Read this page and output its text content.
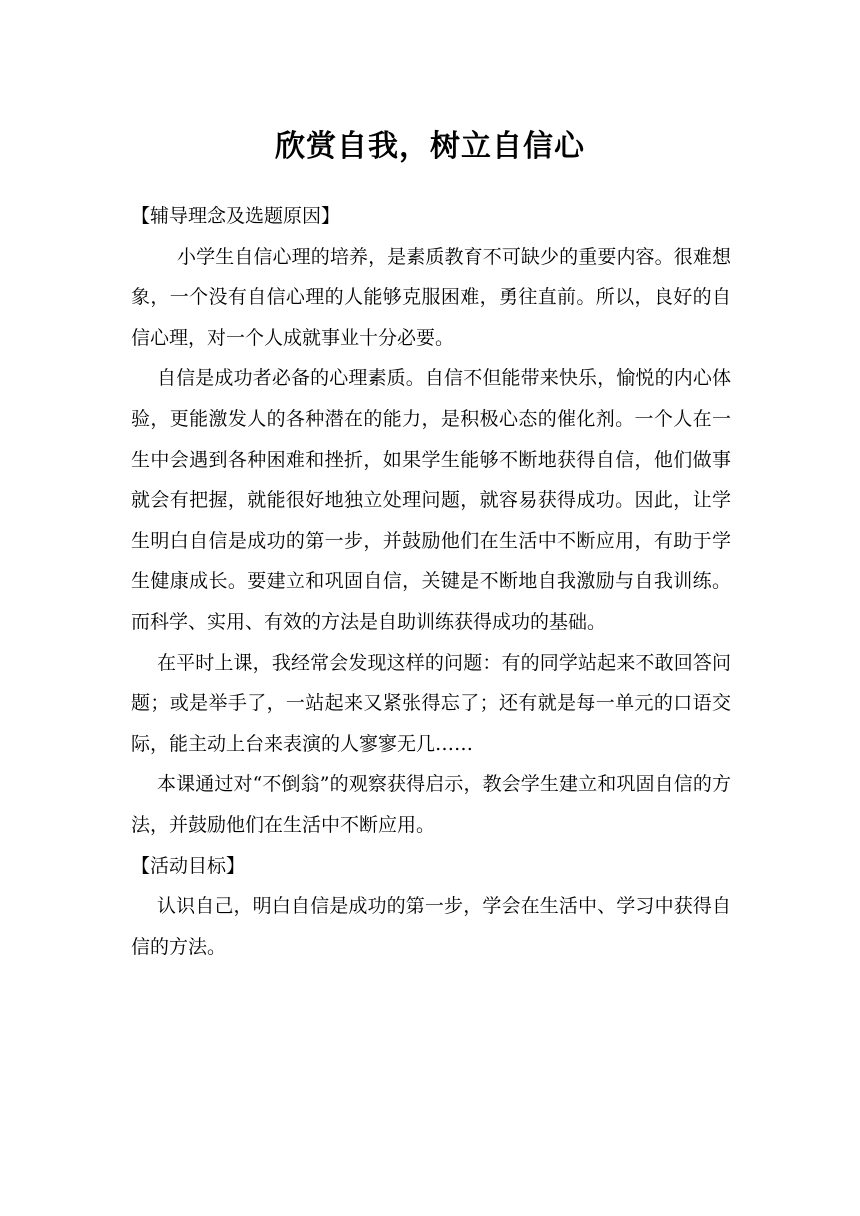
欣赏自我，树立自信心

【辅导理念及选题原因】

小学生自信心理的培养，是素质教育不可缺少的重要内容。很难想象，一个没有自信心理的人能够克服困难，勇往直前。所以，良好的自信心理，对一个人成就事业十分必要。

自信是成功者必备的心理素质。自信不但能带来快乐，愉悦的内心体验，更能激发人的各种潜在的能力，是积极心态的催化剂。一个人在一生中会遇到各种困难和挫折，如果学生能够不断地获得自信，他们做事就会有把握，就能很好地独立处理问题，就容易获得成功。因此，让学生明白自信是成功的第一步，并鼓励他们在生活中不断应用，有助于学生健康成长。要建立和巩固自信，关键是不断地自我激励与自我训练。而科学、实用、有效的方法是自助训练获得成功的基础。

在平时上课，我经常会发现这样的问题：有的同学站起来不敢回答问题；或是举手了，一站起来又紧张得忘了；还有就是每一单元的口语交际，能主动上台来表演的人寥寥无几……

本课通过对“不倒翁”的观察获得启示，教会学生建立和巩固自信的方法，并鼓励他们在生活中不断应用。

【活动目标】

认识自己，明白自信是成功的第一步，学会在生活中、学习中获得自信的方法。
